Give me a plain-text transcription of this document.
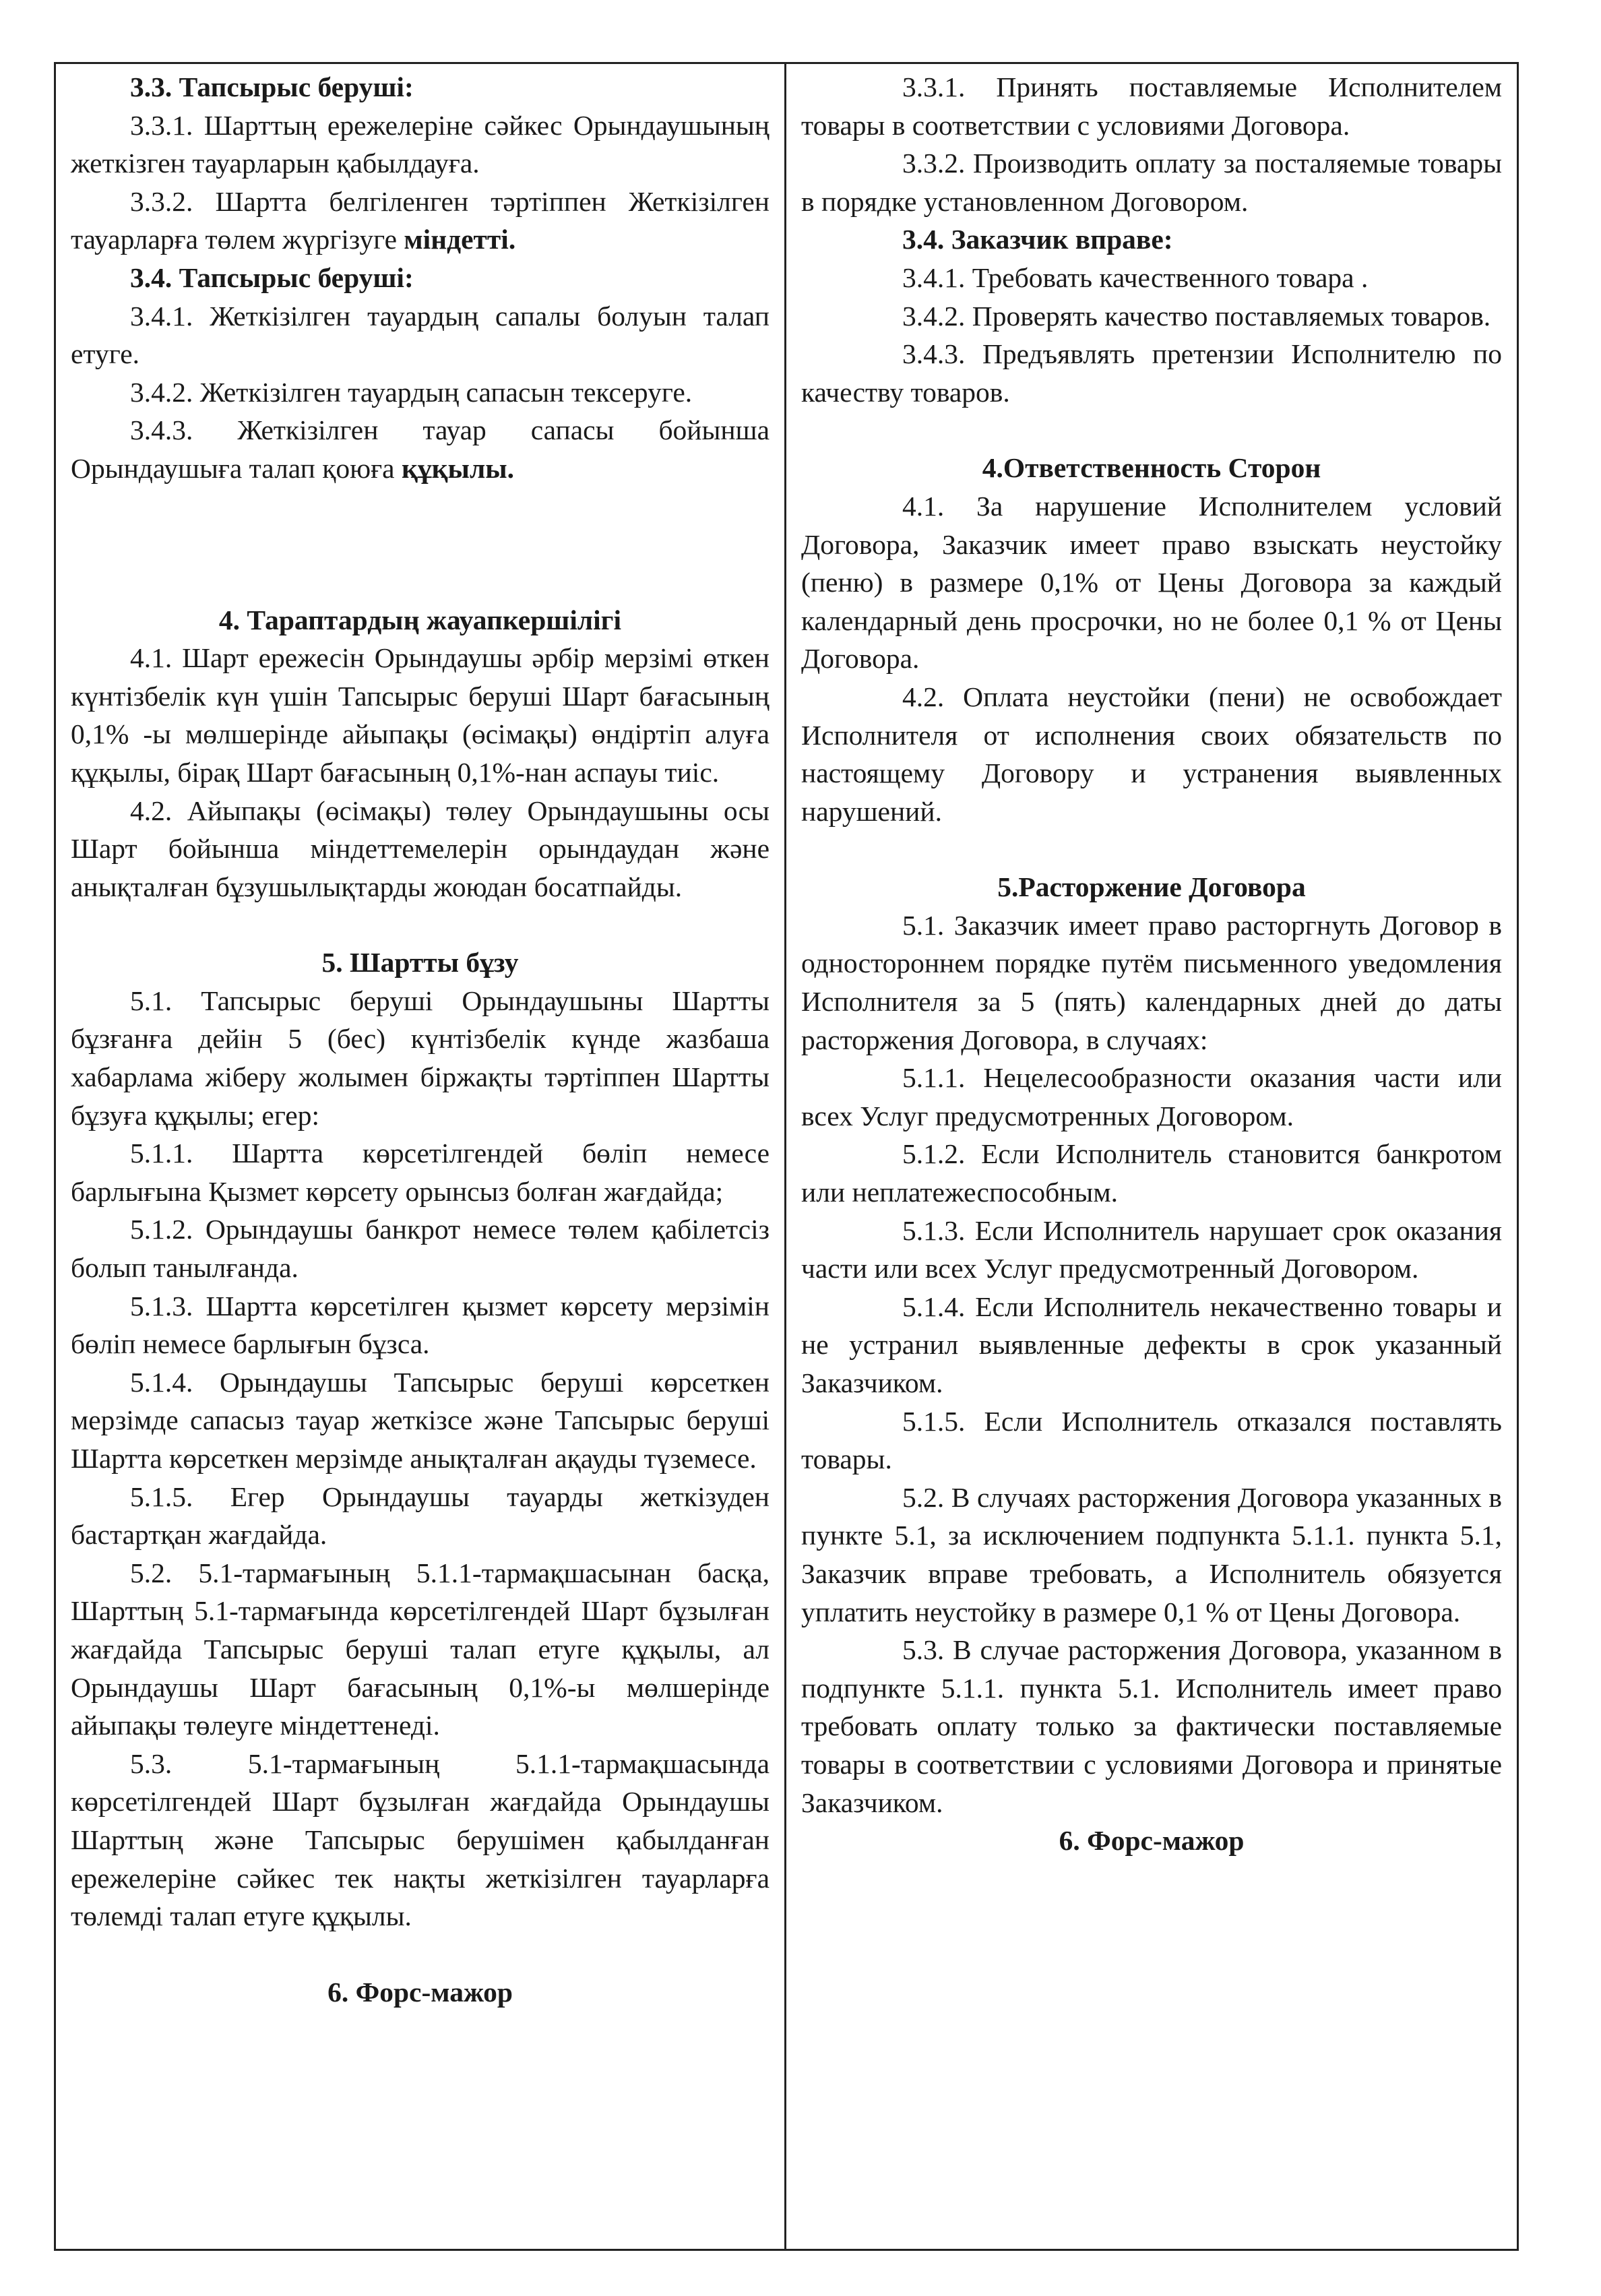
3.3. Тапсырыс беруші:

3.3.1. Шарттың ережелеріне сәйкес Орындаушының жеткізген тауарларын қабылдауға.

3.3.2. Шартта белгіленген тәртіппен Жеткізілген тауарларға төлем жүргізуге міндетті.

3.4. Тапсырыс беруші:

3.4.1. Жеткізілген тауардың сапалы болуын талап етуге.

3.4.2. Жеткізілген тауардың сапасын тексеруге.

3.4.3. Жеткізілген тауар сапасы бойынша Орындаушыға талап қоюға құқылы.

4. Тараптардың жауапкершілігі

4.1. Шарт ережесін Орындаушы әрбір мерзімі өткен күнтізбелік күн үшін Тапсырыс беруші Шарт бағасының 0,1% -ы мөлшерінде айыпақы (өсімақы) өндіртіп алуға құқылы, бірақ Шарт бағасының 0,1%-нан аспауы тиіс.

4.2. Айыпақы (өсімақы) төлеу Орындаушыны осы Шарт бойынша міндеттемелерін орындаудан және анықталған бұзушылықтарды жоюдан босатпайды.

5. Шартты бұзу

5.1. Тапсырыс беруші Орындаушыны Шартты бұзғанға дейін 5 (бес) күнтізбелік күнде жазбаша хабарлама жіберу жолымен біржақты тәртіппен Шартты бұзуға құқылы; егер:

5.1.1. Шартта көрсетілгендей бөліп немесе барлығына Қызмет көрсету орынсыз болған жағдайда;

5.1.2. Орындаушы банкрот немесе төлем қабілетсіз болып танылғанда.

5.1.3. Шартта көрсетілген қызмет көрсету мерзімін бөліп немесе барлығын бұзса.

5.1.4. Орындаушы Тапсырыс беруші көрсеткен мерзімде сапасыз тауар жеткізсе және Тапсырыс беруші Шартта көрсеткен мерзімде анықталған ақауды түземесе.

5.1.5. Егер Орындаушы тауарды жеткізуден бастартқан жағдайда.

5.2. 5.1-тармағының 5.1.1-тармақшасынан басқа, Шарттың 5.1-тармағында көрсетілгендей Шарт бұзылған жағдайда Тапсырыс беруші талап етуге құқылы, ал Орындаушы Шарт бағасының 0,1%-ы мөлшерінде айыпақы төлеуге міндеттенеді.

5.3. 5.1-тармағының 5.1.1-тармақшасында көрсетілгендей Шарт бұзылған жағдайда Орындаушы Шарттың және Тапсырыс берушімен қабылданған ережелеріне сәйкес тек нақты жеткізілген тауарларға төлемді талап етуге құқылы.

6. Форс-мажор

3.3.1. Принять поставляемые Исполнителем товары в соответствии с условиями Договора.

3.3.2. Производить оплату за посталяемые товары в порядке установленном Договором.

3.4. Заказчик вправе:

3.4.1. Требовать качественного товара .

3.4.2. Проверять качество поставляемых товаров.

3.4.3. Предъявлять претензии Исполнителю по качеству товаров.

4.Ответственность Сторон

4.1. За нарушение Исполнителем условий Договора, Заказчик имеет право взыскать неустойку (пеню) в размере 0,1% от Цены Договора за каждый календарный день просрочки, но не более 0,1 % от Цены Договора.

4.2. Оплата неустойки (пени) не освобождает Исполнителя от исполнения своих обязательств по настоящему Договору и устранения выявленных нарушений.

5.Расторжение Договора

5.1. Заказчик имеет право расторгнуть Договор в одностороннем порядке путём письменного уведомления Исполнителя за 5 (пять) календарных дней до даты расторжения Договора, в случаях:

5.1.1. Нецелесообразности оказания части или всех Услуг предусмотренных Договором.

5.1.2. Если Исполнитель становится банкротом или неплатежеспособным.

5.1.3. Если Исполнитель нарушает срок оказания части или всех Услуг предусмотренный Договором.

5.1.4. Если Исполнитель некачественно товары и не устранил выявленные дефекты в срок указанный Заказчиком.

5.1.5. Если Исполнитель отказался поставлять товары.

5.2. В случаях расторжения Договора указанных в пункте 5.1, за исключением подпункта 5.1.1. пункта 5.1, Заказчик вправе требовать, а Исполнитель обязуется уплатить неустойку в размере 0,1 % от Цены Договора.

5.3. В случае расторжения Договора, указанном в подпункте 5.1.1. пункта 5.1. Исполнитель имеет право требовать оплату только за фактически поставляемые товары в соответствии с условиями Договора и принятые Заказчиком.

6. Форс-мажор
